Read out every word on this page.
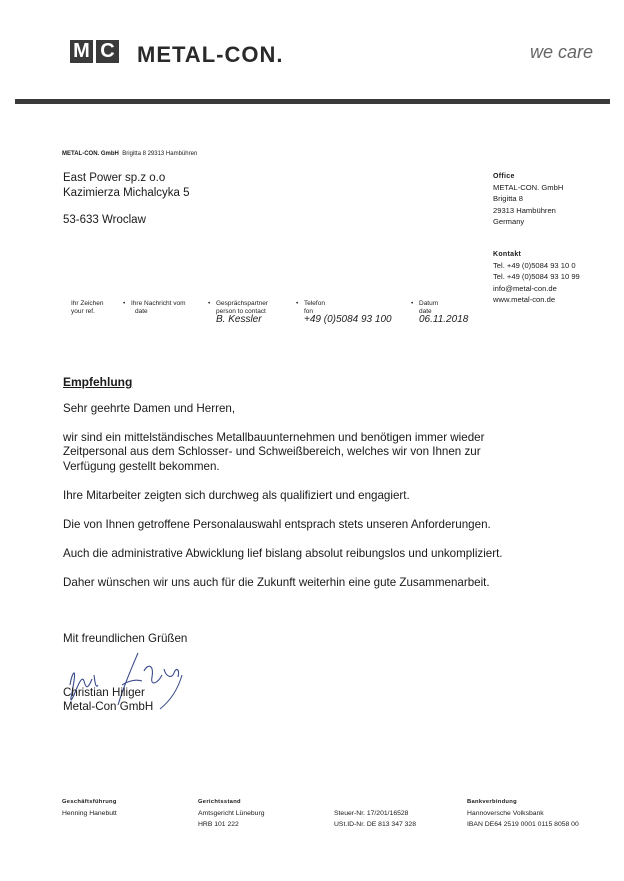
M C METAL-CON.	we care
METAL-CON. GmbH Brigitta 8 29313 Hambühren
East Power sp.z o.o
Kazimierza Michalcyka 5
53-633 Wroclaw
Office
METAL-CON. GmbH
Brigitta 8
29313 Hambühren
Germany
Kontakt
Tel. +49 (0)5084 93 10 0
Tel. +49 (0)5084 93 10 99
info@metal-con.de
www.metal-con.de
Ihr Zeichen
your ref.
• Ihre Nachricht vom
date
• Gesprächspartner
person to contact
B. Kessler
• Telefon
fon
+49 (0)5084 93 100
• Datum
date
06.11.2018
Empfehlung
Sehr geehrte Damen und Herren,
wir sind ein mittelständisches Metallbauunternehmen und benötigen immer wieder Zeitpersonal aus dem Schlosser- und Schweißbereich, welches wir von Ihnen zur Verfügung gestellt bekommen.
Ihre Mitarbeiter zeigten sich durchweg als qualifiziert und engagiert.
Die von Ihnen getroffene Personalauswahl entsprach stets unseren Anforderungen.
Auch die administrative Abwicklung lief bislang absolut reibungslos und unkompliziert.
Daher wünschen wir uns auch für die Zukunft weiterhin eine gute Zusammenarbeit.
Mit freundlichen Grüßen
Christian Hiliger
Metal-Con GmbH
Geschäftsführung
Henning Hanebutt
Gerichtsstand
Amtsgericht Lüneburg
HRB 101 222
Steuer-Nr. 17/201/16528
USt.ID-Nr. DE 813 347 328
Bankverbindung
Hannoversche Volksbank
IBAN DE64 2519 0001 0115 8058 00
